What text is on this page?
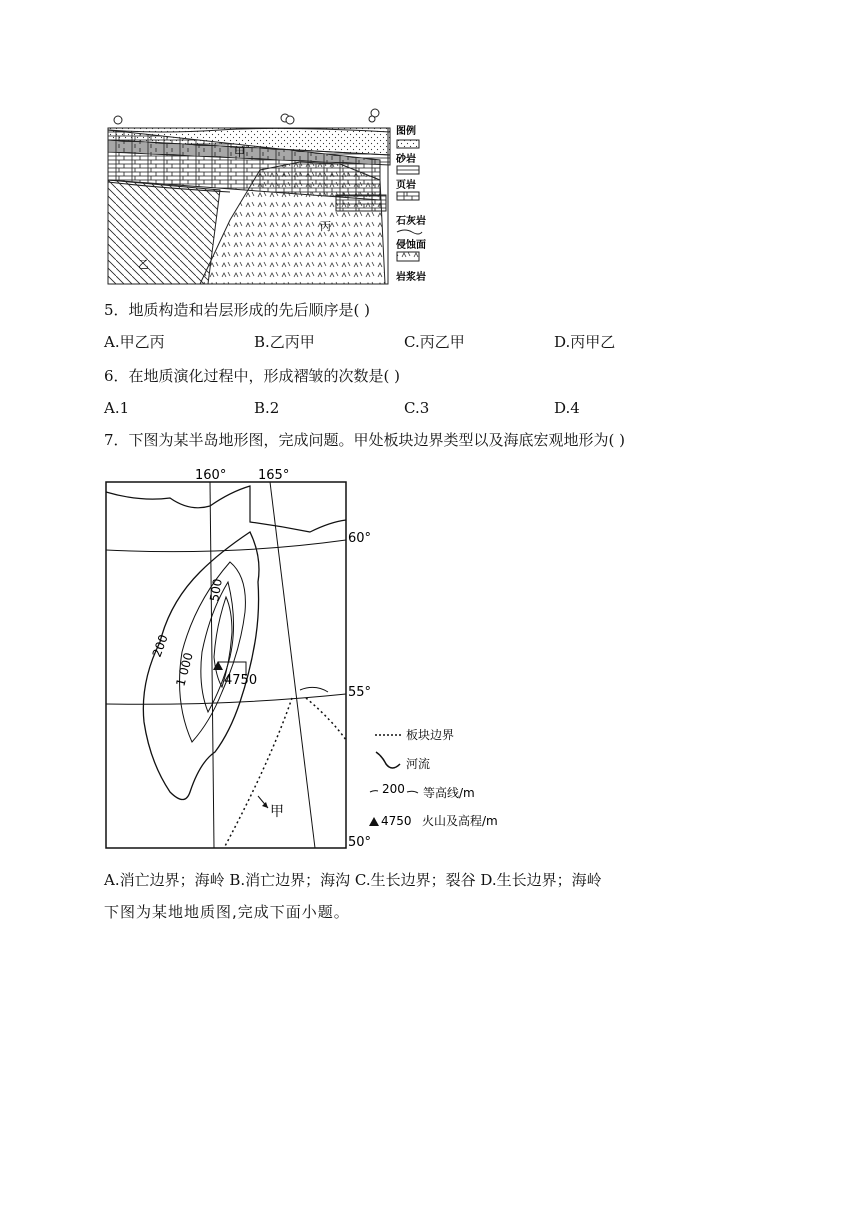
甲
丙
乙
图例
砂岩
页岩
石灰岩
侵蚀面
岩浆岩
5．地质构造和岩层形成的先后顺序是( )
A.甲乙丙	B.乙丙甲	C.丙乙甲	D.丙甲乙
6．在地质演化过程中，形成褶皱的次数是( )
A.1	B.2	C.3	D.4
7．下图为某半岛地形图，完成问题。甲处板块边界类型以及海底宏观地形为( )
160° 165°
60°
55°
50°
200
1 000
500
4750
甲
板块边界
河流
200 等高线/m
4750 火山及高程/m
A.消亡边界；海岭 B.消亡边界；海沟 C.生长边界；裂谷 D.生长边界；海岭
下图为某地地质图,完成下面小题。
